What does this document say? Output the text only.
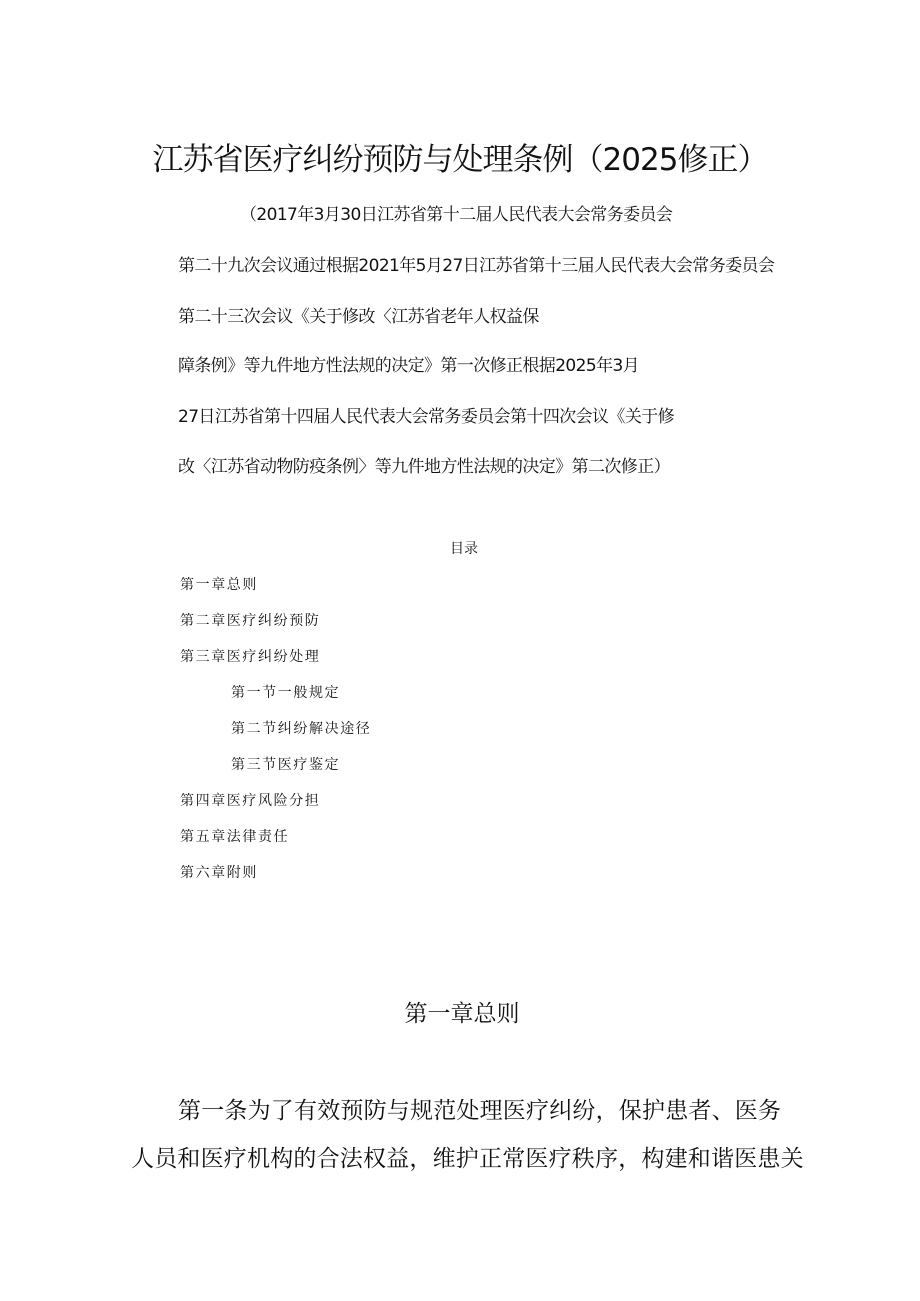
江苏省医疗纠纷预防与处理条例（2025修正）
（2017年3月30日江苏省第十二届人民代表大会常务委员会
第二十九次会议通过根据2021年5月27日江苏省第十三届人民代表大会常务委员会
第二十三次会议《关于修改〈江苏省老年人权益保
障条例》等九件地方性法规的决定》第一次修正根据2025年3月
27日江苏省第十四届人民代表大会常务委员会第十四次会议《关于修
改〈江苏省动物防疫条例〉等九件地方性法规的决定》第二次修正）
目录
第一章总则
第二章医疗纠纷预防
第三章医疗纠纷处理
第一节一般规定
第二节纠纷解决途径
第三节医疗鉴定
第四章医疗风险分担
第五章法律责任
第六章附则
第一章总则
第一条为了有效预防与规范处理医疗纠纷，保护患者、医务
人员和医疗机构的合法权益，维护正常医疗秩序，构建和谐医患关
